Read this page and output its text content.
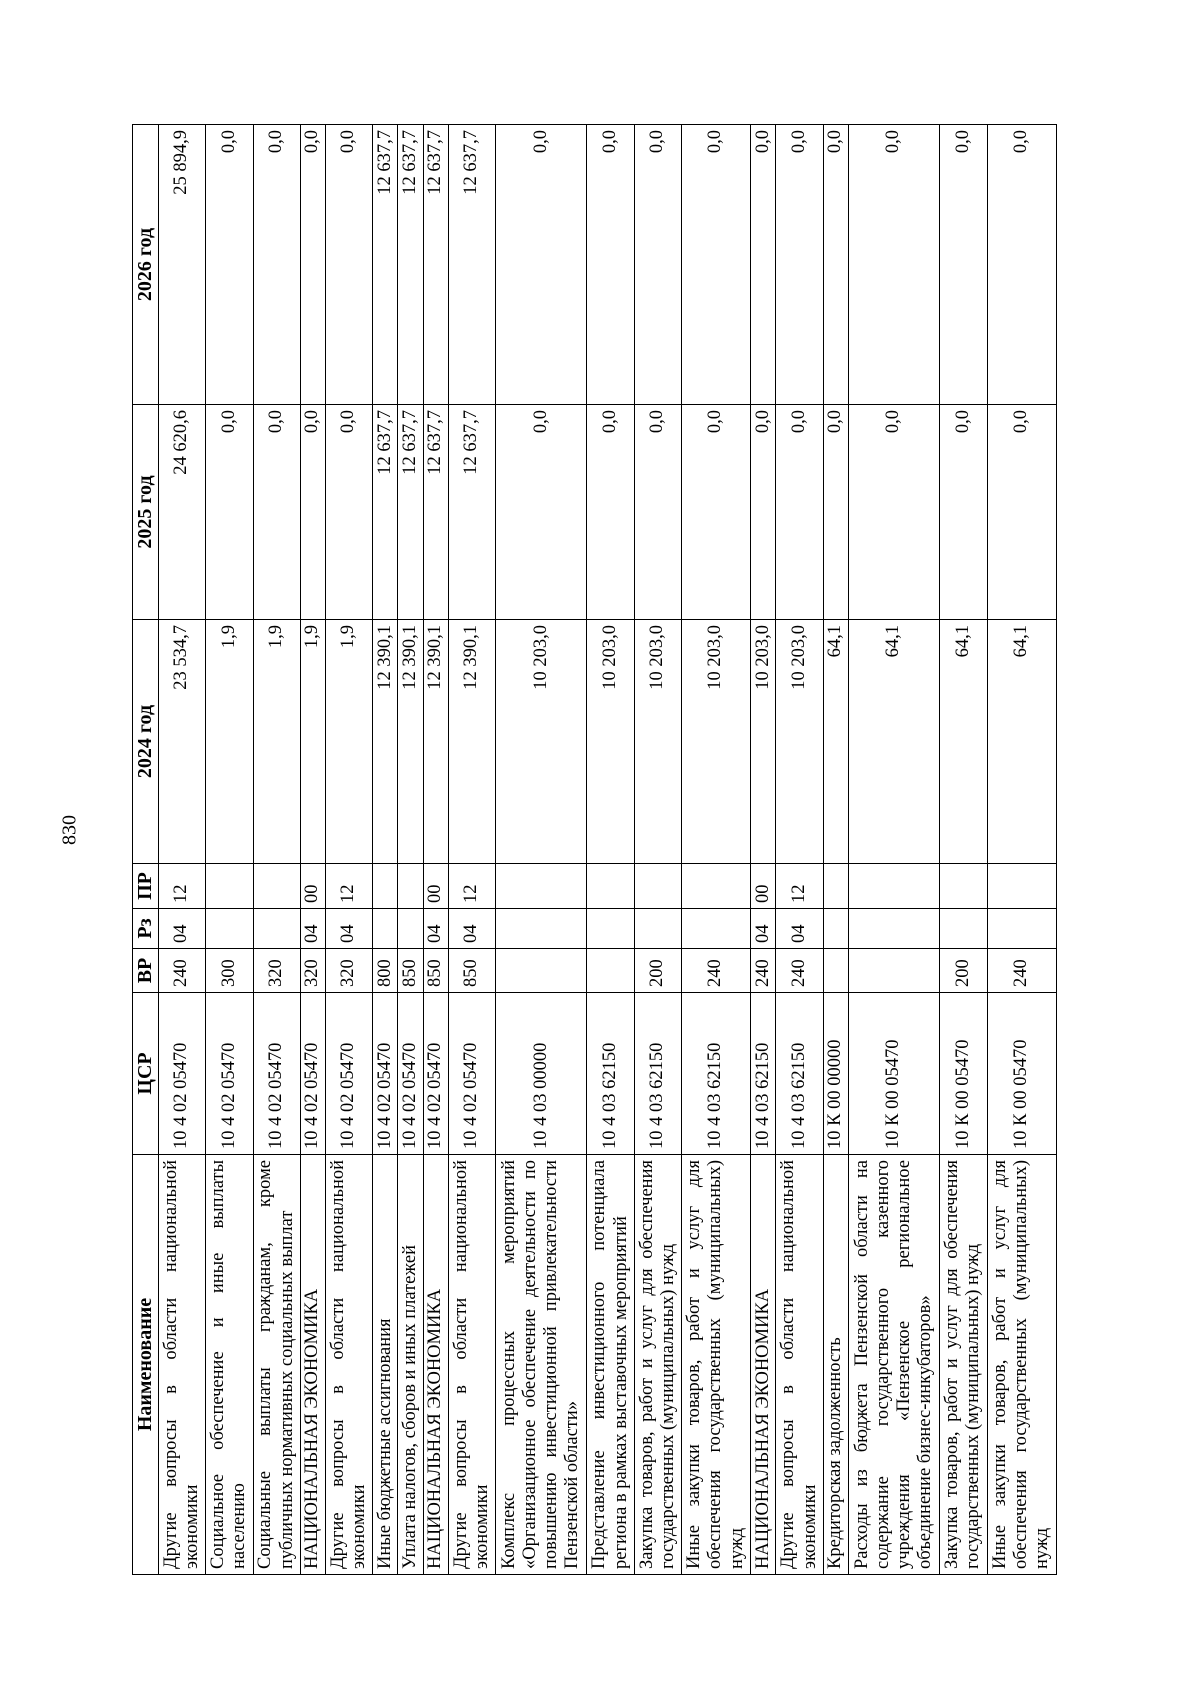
830
Наименование	ЦСР	ВР	Рз	ПР	2024 год	2025 год	2026 год
Другие вопросы в области национальной экономики	10 4 02 05470	240	04	12	23 534,7	24 620,6	25 894,9
Социальное обеспечение и иные выплаты населению	10 4 02 05470	300			1,9	0,0	0,0
Социальные выплаты гражданам, кроме публичных нормативных социальных выплат	10 4 02 05470	320			1,9	0,0	0,0
НАЦИОНАЛЬНАЯ ЭКОНОМИКА	10 4 02 05470	320	04	00	1,9	0,0	0,0
Другие вопросы в области национальной экономики	10 4 02 05470	320	04	12	1,9	0,0	0,0
Иные бюджетные ассигнования	10 4 02 05470	800			12 390,1	12 637,7	12 637,7
Уплата налогов, сборов и иных платежей	10 4 02 05470	850			12 390,1	12 637,7	12 637,7
НАЦИОНАЛЬНАЯ ЭКОНОМИКА	10 4 02 05470	850	04	00	12 390,1	12 637,7	12 637,7
Другие вопросы в области национальной экономики	10 4 02 05470	850	04	12	12 390,1	12 637,7	12 637,7
Комплекс процессных мероприятий «Организационное обеспечение деятельности по повышению инвестиционной привлекательности Пензенской области»	10 4 03 00000				10 203,0	0,0	0,0
Представление инвестиционного потенциала региона в рамках выставочных мероприятий	10 4 03 62150				10 203,0	0,0	0,0
Закупка товаров, работ и услуг для обеспечения государственных (муниципальных) нужд	10 4 03 62150	200			10 203,0	0,0	0,0
Иные закупки товаров, работ и услуг для обеспечения государственных (муниципальных) нужд	10 4 03 62150	240			10 203,0	0,0	0,0
НАЦИОНАЛЬНАЯ ЭКОНОМИКА	10 4 03 62150	240	04	00	10 203,0	0,0	0,0
Другие вопросы в области национальной экономики	10 4 03 62150	240	04	12	10 203,0	0,0	0,0
Кредиторская задолженность	10 К 00 00000				64,1	0,0	0,0
Расходы из бюджета Пензенской области на содержание государственного казенного учреждения «Пензенское региональное объединение бизнес-инкубаторов»	10 К 00 05470				64,1	0,0	0,0
Закупка товаров, работ и услуг для обеспечения государственных (муниципальных) нужд	10 К 00 05470	200			64,1	0,0	0,0
Иные закупки товаров, работ и услуг для обеспечения государственных (муниципальных) нужд	10 К 00 05470	240			64,1	0,0	0,0
